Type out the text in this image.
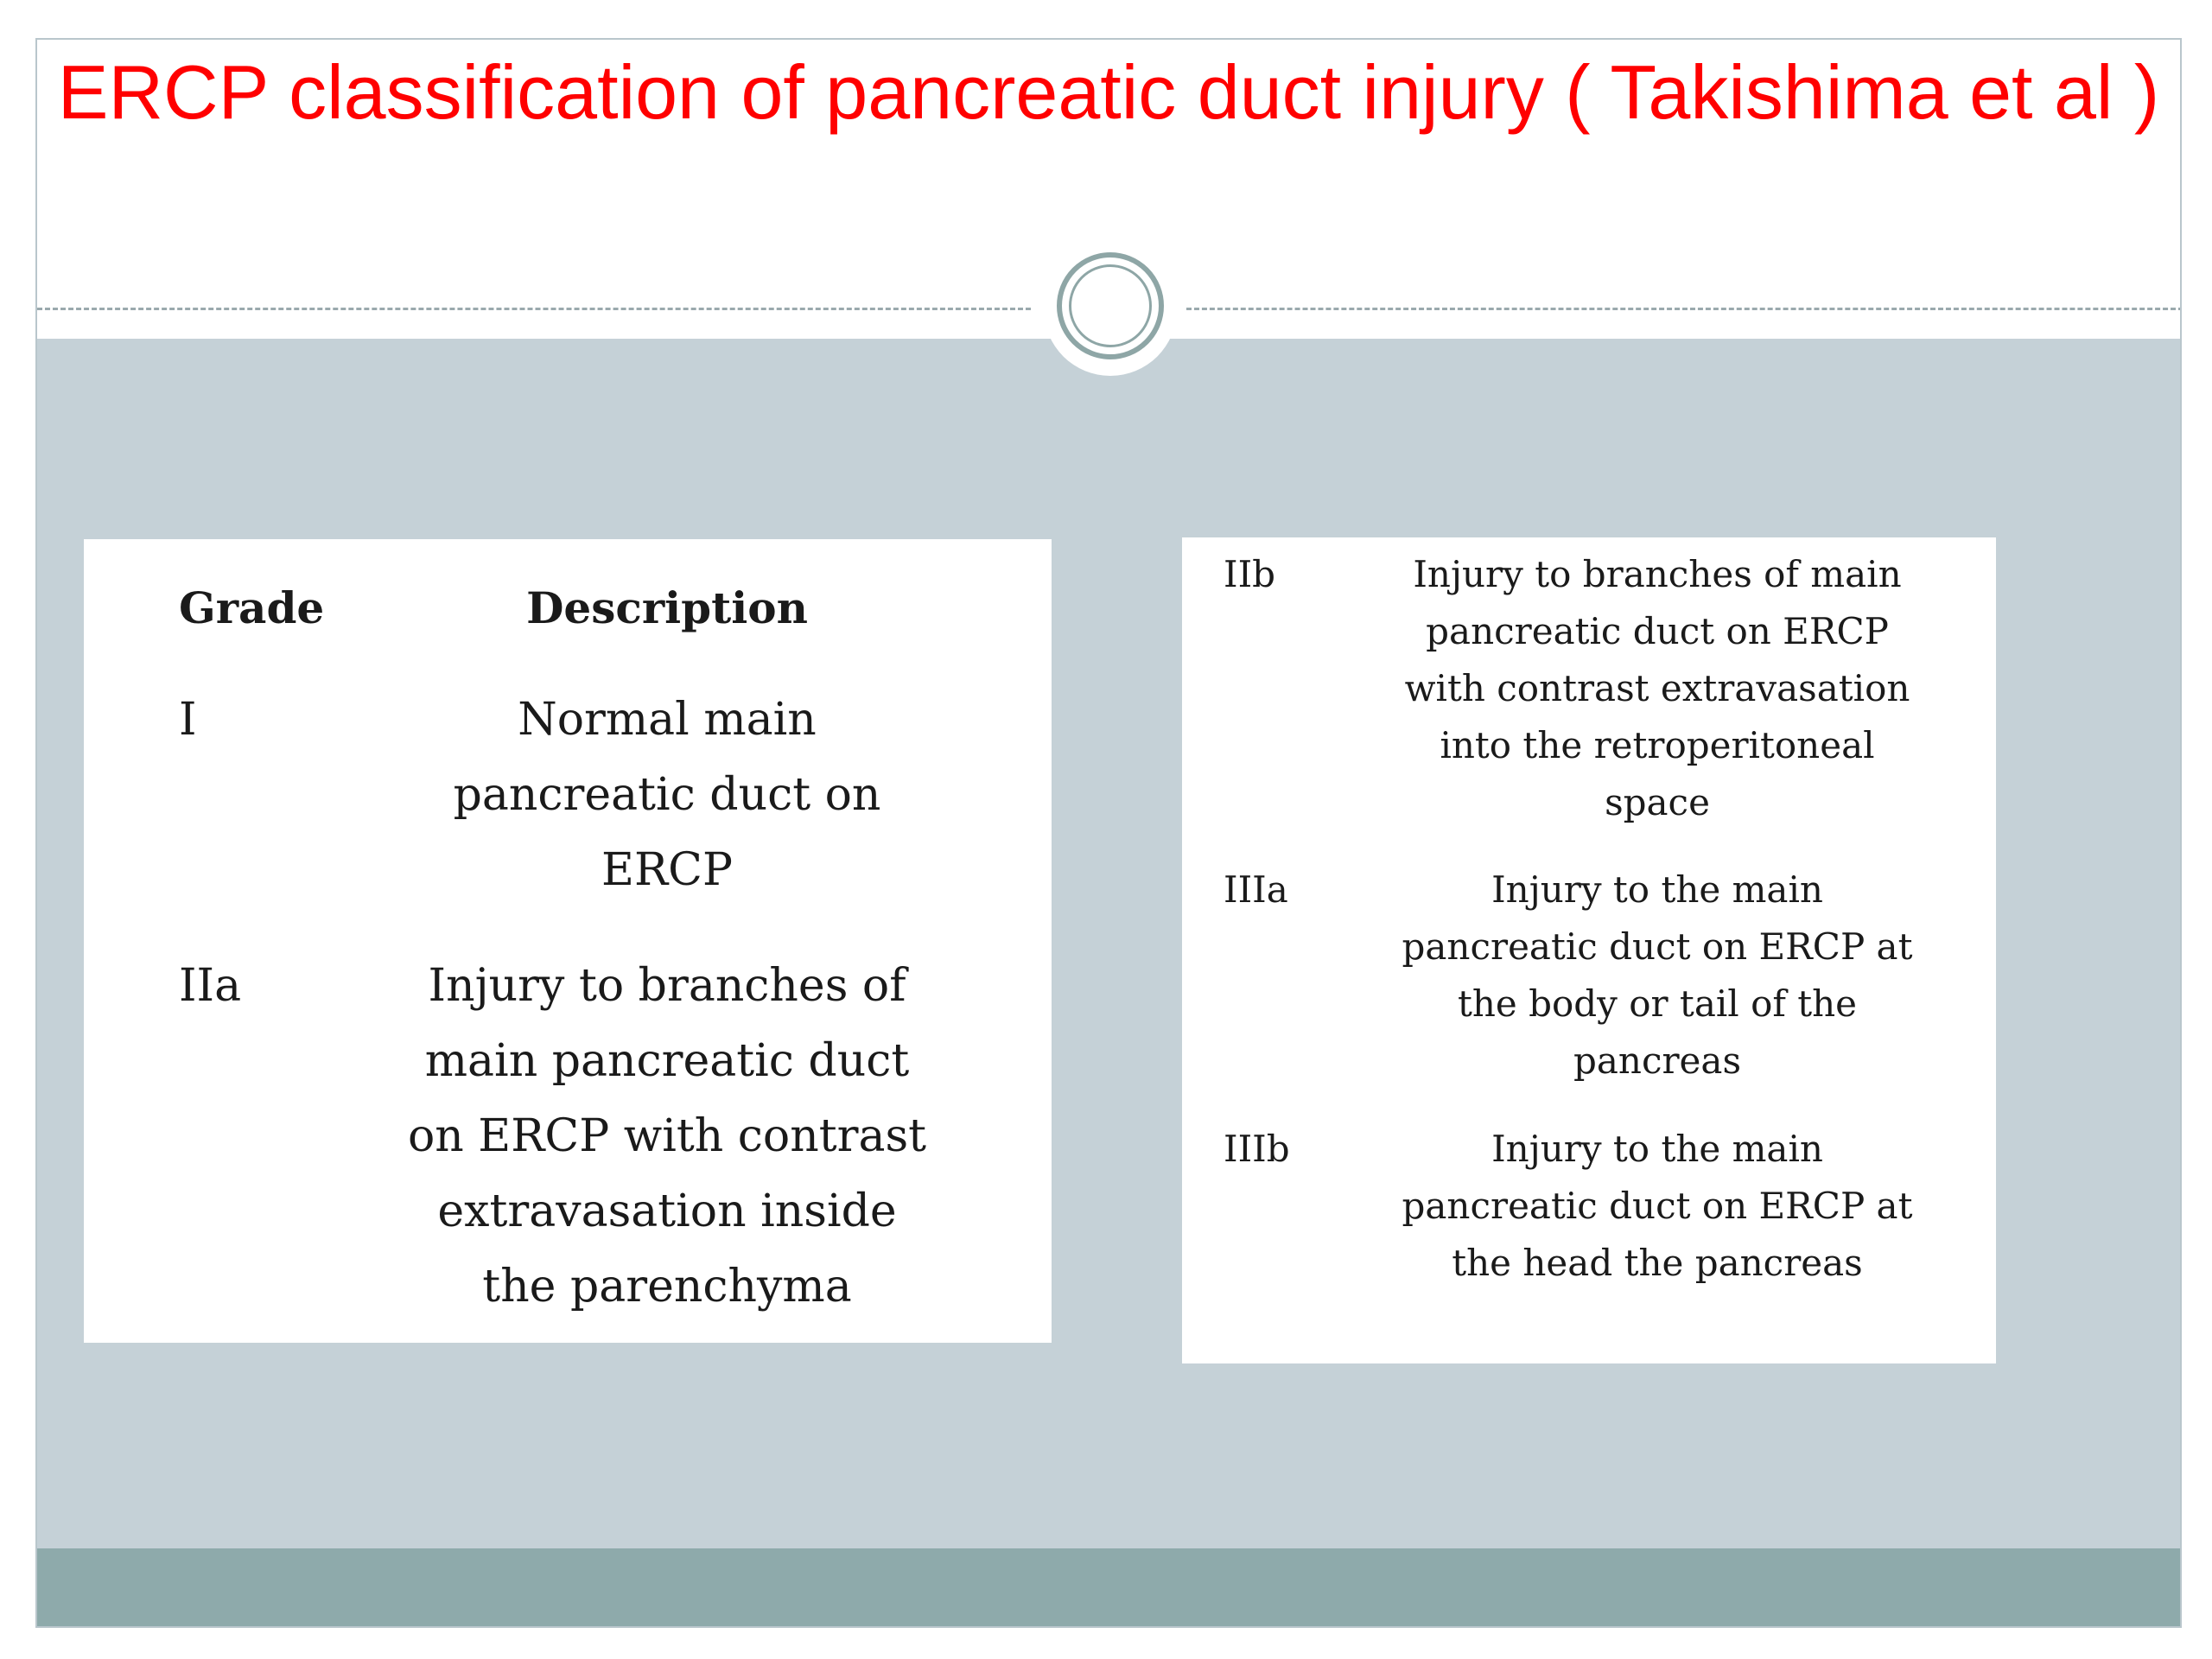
ERCP classification of pancreatic duct injury ( Takishima et al )
Grade	Description
I	Normal main pancreatic duct on ERCP
IIa	Injury to branches of main pancreatic duct on ERCP with contrast extravasation inside the parenchyma
IIb	Injury to branches of main pancreatic duct on ERCP with contrast extravasation into the retroperitoneal space
IIIa	Injury to the main pancreatic duct on ERCP at the body or tail of the pancreas
IIIb	Injury to the main pancreatic duct on ERCP at the head the pancreas
